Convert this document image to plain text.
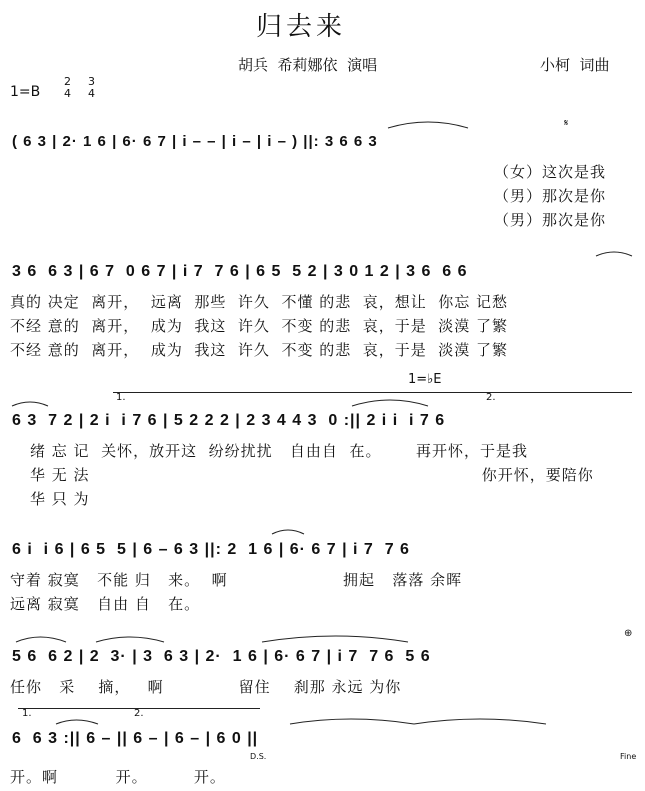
归去来
胡兵  希莉娜依  演唱	小柯  词曲
1=B
2
4
3
4
𝄋
( 6 3 | 2· 1 6 | 6· 6 7 | i – – | i – | i – ) ||: 3 6 6 3
（女）这次是我
（男）那次是你
（男）那次是你
3 6  6 3 | 6 7  0 6 7 | i 7  7 6 | 6 5  5 2 | 3 0 1 2 | 3 6  6 6
真的 决定  离开，  远离  那些  许久  不懂 的悲  哀，想让  你忘 记愁
不经 意的  离开，  成为  我这  许久  不变 的悲  哀，于是  淡漠 了繁
不经 意的  离开，  成为  我这  许久  不变 的悲  哀，于是  淡漠 了繁
1.	2.
1=♭E
6 3  7 2 | 2 i  i 7 6 | 5 2 2 2 | 2 3 4 4 3  0 :|| 2 i i  i 7 6
绪 忘 记  关怀，放开这  纷纷扰扰   自由自  在。      再开怀，于是我
华 无 法                                                                    你开怀，要陪你
华 只 为
6 i  i 6 | 6 5  5 | 6 – 6 3 ||: 2  1 6 | 6· 6 7 | i 7  7 6
守着 寂寞   不能 归   来。  啊                    拥起   落落 余晖
远离 寂寞   自由 自   在。
⊕
5 6  6 2 | 2  3· | 3  6 3 | 2·  1 6 | 6· 6 7 | i 7  7 6  5 6
任你   采    摘，   啊             留住    刹那 永远 为你
1.	2.
6  6 3 :|| 6 – || 6 – | 6 – | 6 0 ||
D.S.	Fine
开。啊          开。        开。
